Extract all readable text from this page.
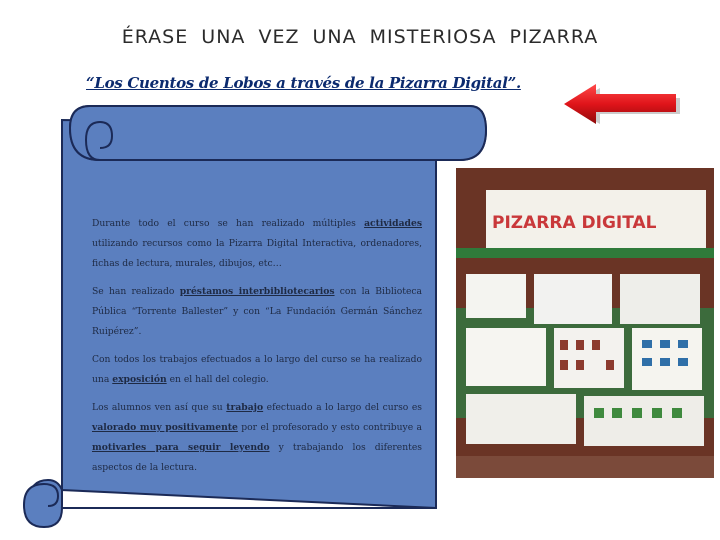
ÉRASE UNA VEZ UNA MISTERIOSA PIZARRA
“Los Cuentos de Lobos a través de la Pizarra Digital”.

Durante todo el curso se han realizado múltiples actividades utilizando recursos como la Pizarra Digital Interactiva, ordenadores, fichas de lectura, murales, dibujos, etc…

Se han realizado préstamos interbibliotecarios con la Biblioteca Pública “Torrente Ballester” y con “La Fundación Germán Sánchez Ruipérez”.

Con todos los trabajos efectuados a lo largo del curso se ha realizado una exposición en el hall del colegio.

Los alumnos ven así que su trabajo efectuado a lo largo del curso es valorado muy positivamente por el profesorado y esto contribuye a motivarles para seguir leyendo y trabajando los diferentes aspectos de la lectura.

PIZARRA DIGITAL
